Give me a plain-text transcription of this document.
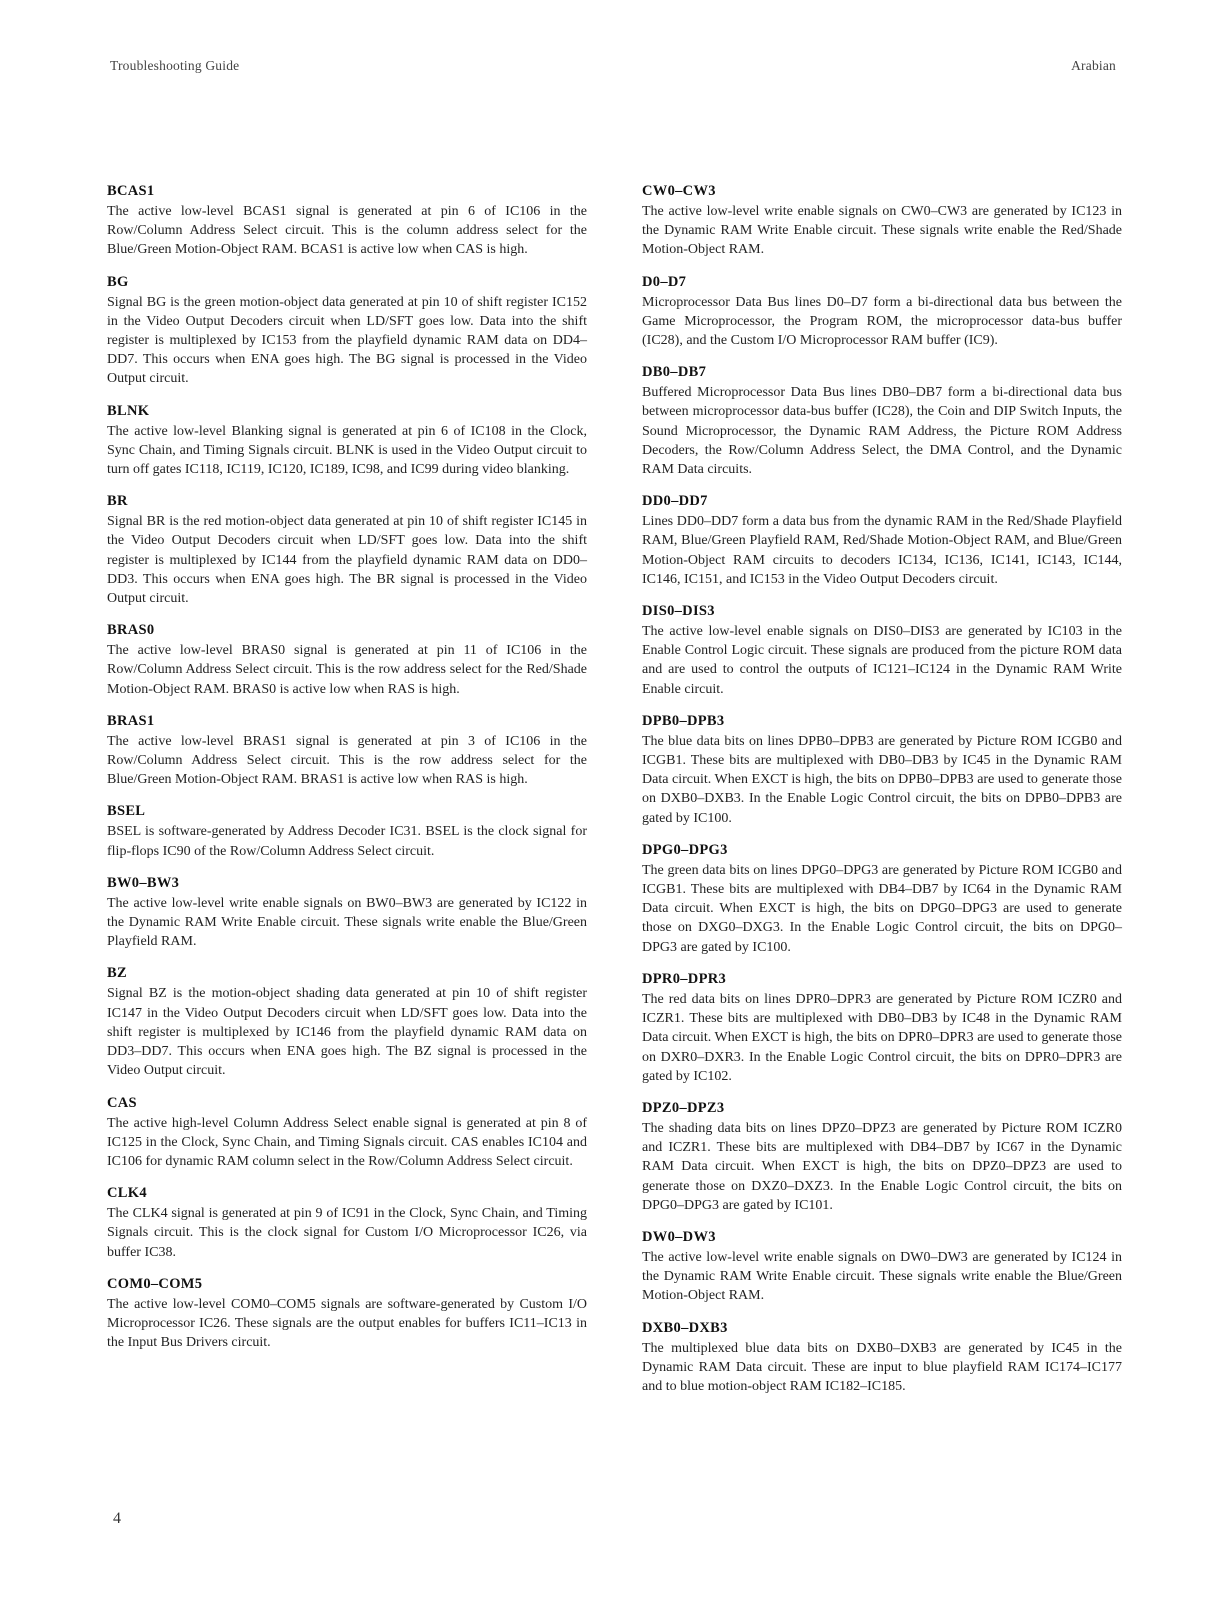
Troubleshooting Guide	Arabian
BCAS1

The active low-level BCAS1 signal is generated at pin 6 of IC106 in the Row/Column Address Select circuit. This is the column address select for the Blue/Green Motion-Object RAM. BCAS1 is active low when CAS is high.

BG

Signal BG is the green motion-object data generated at pin 10 of shift register IC152 in the Video Output Decoders circuit when LD/SFT goes low. Data into the shift register is multiplexed by IC153 from the playfield dynamic RAM data on DD4–DD7. This occurs when ENA goes high. The BG signal is processed in the Video Output circuit.

BLNK

The active low-level Blanking signal is generated at pin 6 of IC108 in the Clock, Sync Chain, and Timing Signals circuit. BLNK is used in the Video Output circuit to turn off gates IC118, IC119, IC120, IC189, IC98, and IC99 during video blanking.

BR

Signal BR is the red motion-object data generated at pin 10 of shift register IC145 in the Video Output Decoders circuit when LD/SFT goes low. Data into the shift register is multiplexed by IC144 from the playfield dynamic RAM data on DD0–DD3. This occurs when ENA goes high. The BR signal is processed in the Video Output circuit.

BRAS0

The active low-level BRAS0 signal is generated at pin 11 of IC106 in the Row/Column Address Select circuit. This is the row address select for the Red/Shade Motion-Object RAM. BRAS0 is active low when RAS is high.

BRAS1

The active low-level BRAS1 signal is generated at pin 3 of IC106 in the Row/Column Address Select circuit. This is the row address select for the Blue/Green Motion-Object RAM. BRAS1 is active low when RAS is high.

BSEL

BSEL is software-generated by Address Decoder IC31. BSEL is the clock signal for flip-flops IC90 of the Row/Column Address Select circuit.

BW0–BW3

The active low-level write enable signals on BW0–BW3 are generated by IC122 in the Dynamic RAM Write Enable circuit. These signals write enable the Blue/Green Playfield RAM.

BZ

Signal BZ is the motion-object shading data generated at pin 10 of shift register IC147 in the Video Output Decoders circuit when LD/SFT goes low. Data into the shift register is multiplexed by IC146 from the playfield dynamic RAM data on DD3–DD7. This occurs when ENA goes high. The BZ signal is processed in the Video Output circuit.

CAS

The active high-level Column Address Select enable signal is generated at pin 8 of IC125 in the Clock, Sync Chain, and Timing Signals circuit. CAS enables IC104 and IC106 for dynamic RAM column select in the Row/Column Address Select circuit.

CLK4

The CLK4 signal is generated at pin 9 of IC91 in the Clock, Sync Chain, and Timing Signals circuit. This is the clock signal for Custom I/O Microprocessor IC26, via buffer IC38.

COM0–COM5

The active low-level COM0–COM5 signals are software-generated by Custom I/O Microprocessor IC26. These signals are the output enables for buffers IC11–IC13 in the Input Bus Drivers circuit.

CW0–CW3

The active low-level write enable signals on CW0–CW3 are generated by IC123 in the Dynamic RAM Write Enable circuit. These signals write enable the Red/Shade Motion-Object RAM.

D0–D7

Microprocessor Data Bus lines D0–D7 form a bi-directional data bus between the Game Microprocessor, the Program ROM, the microprocessor data-bus buffer (IC28), and the Custom I/O Microprocessor RAM buffer (IC9).

DB0–DB7

Buffered Microprocessor Data Bus lines DB0–DB7 form a bi-directional data bus between microprocessor data-bus buffer (IC28), the Coin and DIP Switch Inputs, the Sound Microprocessor, the Dynamic RAM Address, the Picture ROM Address Decoders, the Row/Column Address Select, the DMA Control, and the Dynamic RAM Data circuits.

DD0–DD7

Lines DD0–DD7 form a data bus from the dynamic RAM in the Red/Shade Playfield RAM, Blue/Green Playfield RAM, Red/Shade Motion-Object RAM, and Blue/Green Motion-Object RAM circuits to decoders IC134, IC136, IC141, IC143, IC144, IC146, IC151, and IC153 in the Video Output Decoders circuit.

DIS0–DIS3

The active low-level enable signals on DIS0–DIS3 are generated by IC103 in the Enable Control Logic circuit. These signals are produced from the picture ROM data and are used to control the outputs of IC121–IC124 in the Dynamic RAM Write Enable circuit.

DPB0–DPB3

The blue data bits on lines DPB0–DPB3 are generated by Picture ROM ICGB0 and ICGB1. These bits are multiplexed with DB0–DB3 by IC45 in the Dynamic RAM Data circuit. When EXCT is high, the bits on DPB0–DPB3 are used to generate those on DXB0–DXB3. In the Enable Logic Control circuit, the bits on DPB0–DPB3 are gated by IC100.

DPG0–DPG3

The green data bits on lines DPG0–DPG3 are generated by Picture ROM ICGB0 and ICGB1. These bits are multiplexed with DB4–DB7 by IC64 in the Dynamic RAM Data circuit. When EXCT is high, the bits on DPG0–DPG3 are used to generate those on DXG0–DXG3. In the Enable Logic Control circuit, the bits on DPG0–DPG3 are gated by IC100.

DPR0–DPR3

The red data bits on lines DPR0–DPR3 are generated by Picture ROM ICZR0 and ICZR1. These bits are multiplexed with DB0–DB3 by IC48 in the Dynamic RAM Data circuit. When EXCT is high, the bits on DPR0–DPR3 are used to generate those on DXR0–DXR3. In the Enable Logic Control circuit, the bits on DPR0–DPR3 are gated by IC102.

DPZ0–DPZ3

The shading data bits on lines DPZ0–DPZ3 are generated by Picture ROM ICZR0 and ICZR1. These bits are multiplexed with DB4–DB7 by IC67 in the Dynamic RAM Data circuit. When EXCT is high, the bits on DPZ0–DPZ3 are used to generate those on DXZ0–DXZ3. In the Enable Logic Control circuit, the bits on DPG0–DPG3 are gated by IC101.

DW0–DW3

The active low-level write enable signals on DW0–DW3 are generated by IC124 in the Dynamic RAM Write Enable circuit. These signals write enable the Blue/Green Motion-Object RAM.

DXB0–DXB3

The multiplexed blue data bits on DXB0–DXB3 are generated by IC45 in the Dynamic RAM Data circuit. These are input to blue playfield RAM IC174–IC177 and to blue motion-object RAM IC182–IC185.

4
